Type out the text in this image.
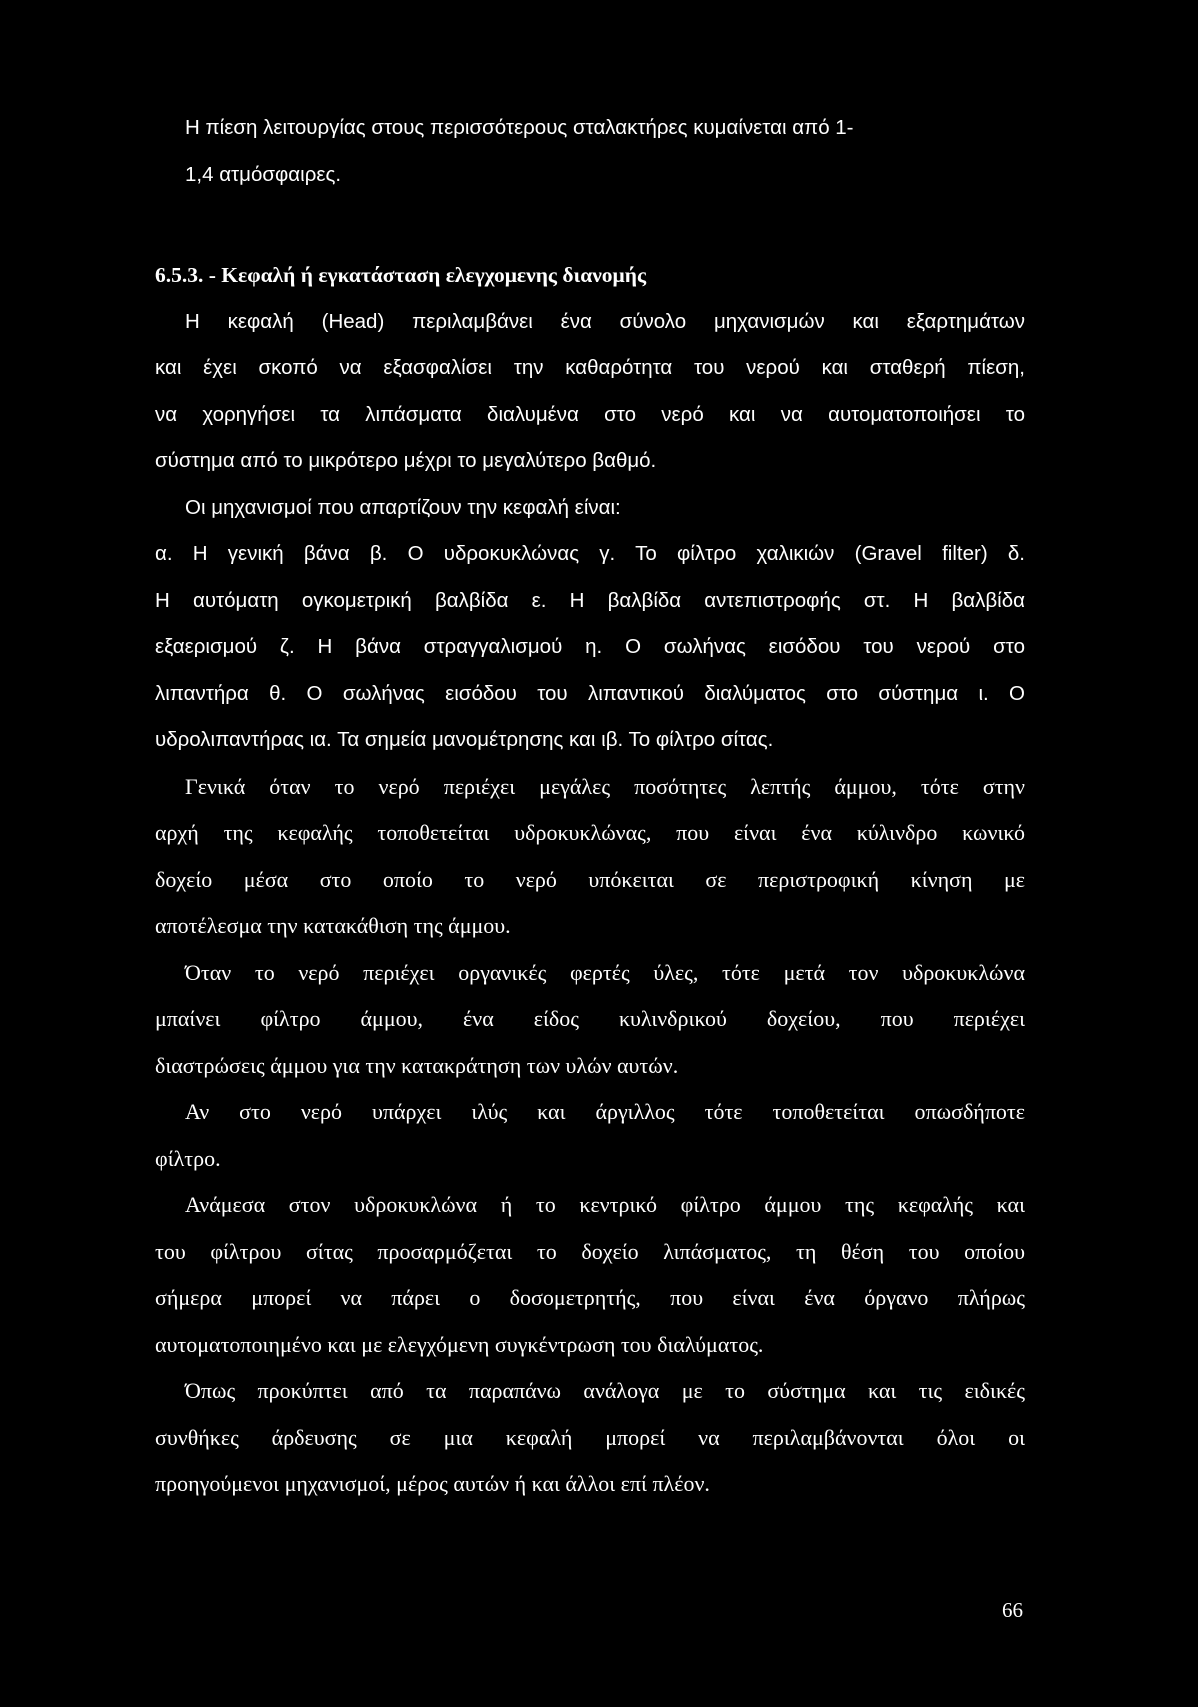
Η πίεση λειτουργίας στους περισσότερους σταλακτήρες κυμαίνεται από 1-
1,4 ατμόσφαιρες.
6.5.3. - Κεφαλή ή εγκατάσταση ελεγχομενης διανομής
Η κεφαλή (Head) περιλαμβάνει ένα σύνολο μηχανισμών και εξαρτημάτων
και έχει σκοπό να εξασφαλίσει την καθαρότητα του νερού και σταθερή πίεση,
να χορηγήσει τα λιπάσματα διαλυμένα στο νερό και να αυτοματοποιήσει το
σύστημα από το μικρότερο μέχρι το μεγαλύτερο βαθμό.
Οι μηχανισμοί που απαρτίζουν την κεφαλή είναι:
α. Η γενική βάνα β. Ο υδροκυκλώνας γ. Το φίλτρο χαλικιών (Gravel filter) δ.
Η αυτόματη ογκομετρική βαλβίδα ε. Η βαλβίδα αντεπιστροφής στ. Η βαλβίδα
εξαερισμού ζ. Η βάνα στραγγαλισμού η. Ο σωλήνας εισόδου του νερού στο
λιπαντήρα θ. Ο σωλήνας εισόδου του λιπαντικού διαλύματος στο σύστημα ι. Ο
υδρολιπαντήρας ια. Τα σημεία μανομέτρησης και ιβ. Το φίλτρο σίτας.
Γενικά όταν το νερό περιέχει μεγάλες ποσότητες λεπτής άμμου, τότε στην
αρχή της κεφαλής τοποθετείται υδροκυκλώνας, που είναι ένα κύλινδρο κωνικό
δοχείο μέσα στο οποίο το νερό υπόκειται σε περιστροφική κίνηση με
αποτέλεσμα την κατακάθιση της άμμου.
Όταν το νερό περιέχει οργανικές φερτές ύλες, τότε μετά τον υδροκυκλώνα
μπαίνει φίλτρο άμμου, ένα είδος κυλινδρικού δοχείου, που περιέχει
διαστρώσεις άμμου για την κατακράτηση των υλών αυτών.
Αν στο νερό υπάρχει ιλύς και άργιλλος τότε τοποθετείται οπωσδήποτε
φίλτρο.
Ανάμεσα στον υδροκυκλώνα ή το κεντρικό φίλτρο άμμου της κεφαλής και
του φίλτρου σίτας προσαρμόζεται το δοχείο λιπάσματος, τη θέση του οποίου
σήμερα μπορεί να πάρει ο δοσομετρητής, που είναι ένα όργανο πλήρως
αυτοματοποιημένο και με ελεγχόμενη συγκέντρωση του διαλύματος.
Όπως προκύπτει από τα παραπάνω ανάλογα με το σύστημα και τις ειδικές
συνθήκες άρδευσης σε μια κεφαλή μπορεί να περιλαμβάνονται όλοι οι
προηγούμενοι μηχανισμοί, μέρος αυτών ή και άλλοι επί πλέον.
66
